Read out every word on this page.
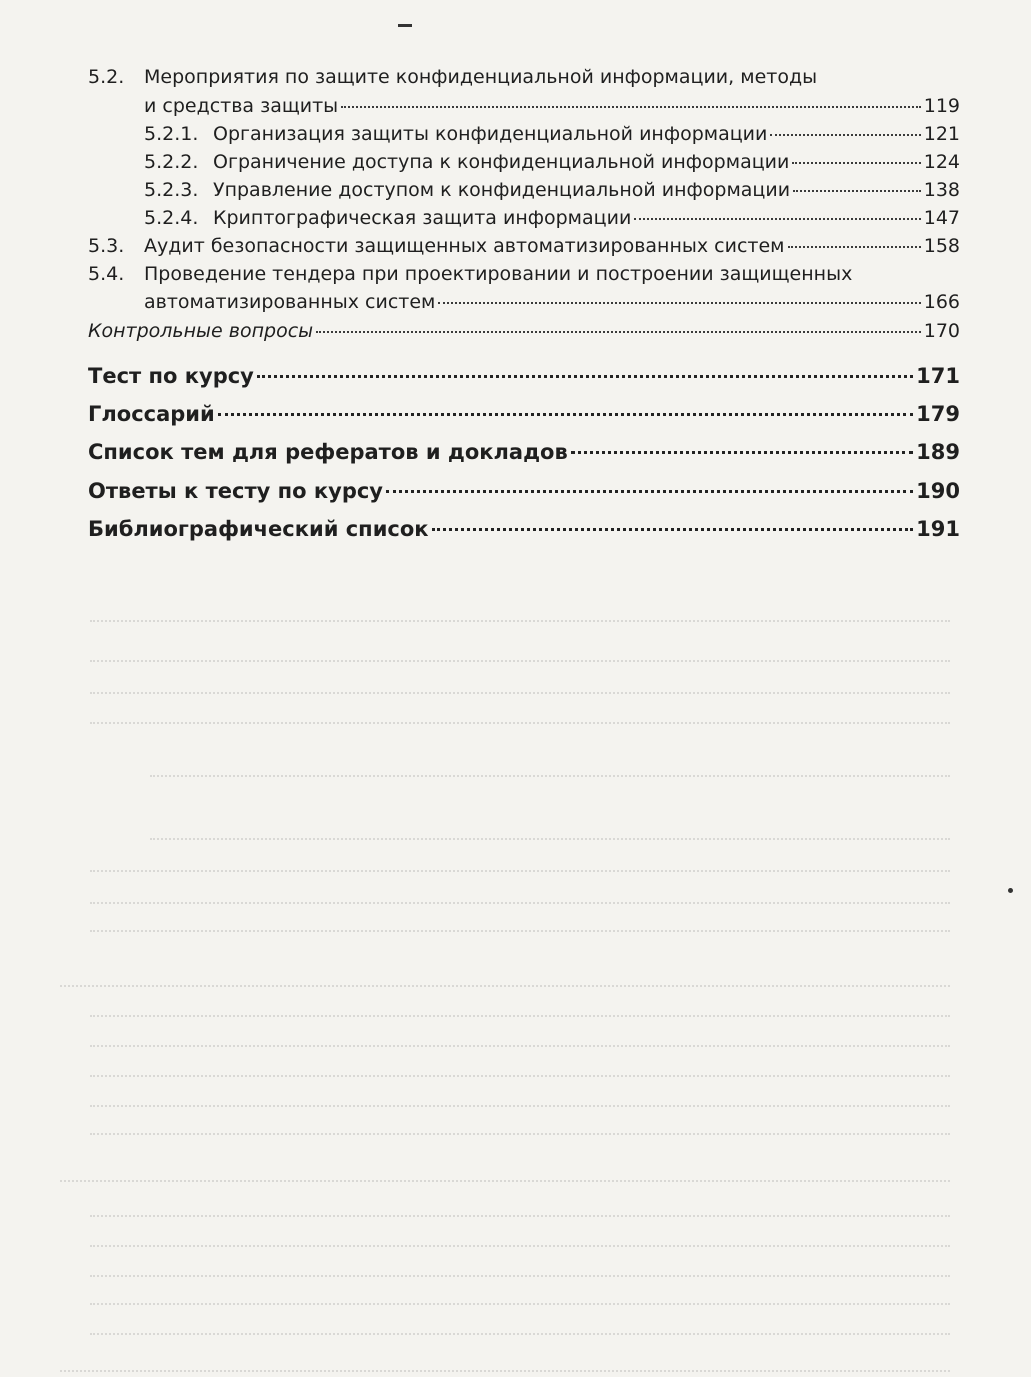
5.2. Мероприятия по защите конфиденциальной информации, методы
и средства защиты	119
5.2.1. Организация защиты конфиденциальной информации	121
5.2.2. Ограничение доступа к конфиденциальной информации	124
5.2.3. Управление доступом к конфиденциальной информации	138
5.2.4. Криптографическая защита информации	147
5.3. Аудит безопасности защищенных автоматизированных систем	158
5.4. Проведение тендера при проектировании и построении защищенных
автоматизированных систем	166
Контрольные вопросы	170
Тест по курсу	171
Глоссарий	179
Список тем для рефератов и докладов	189
Ответы к тесту по курсу	190
Библиографический список	191
